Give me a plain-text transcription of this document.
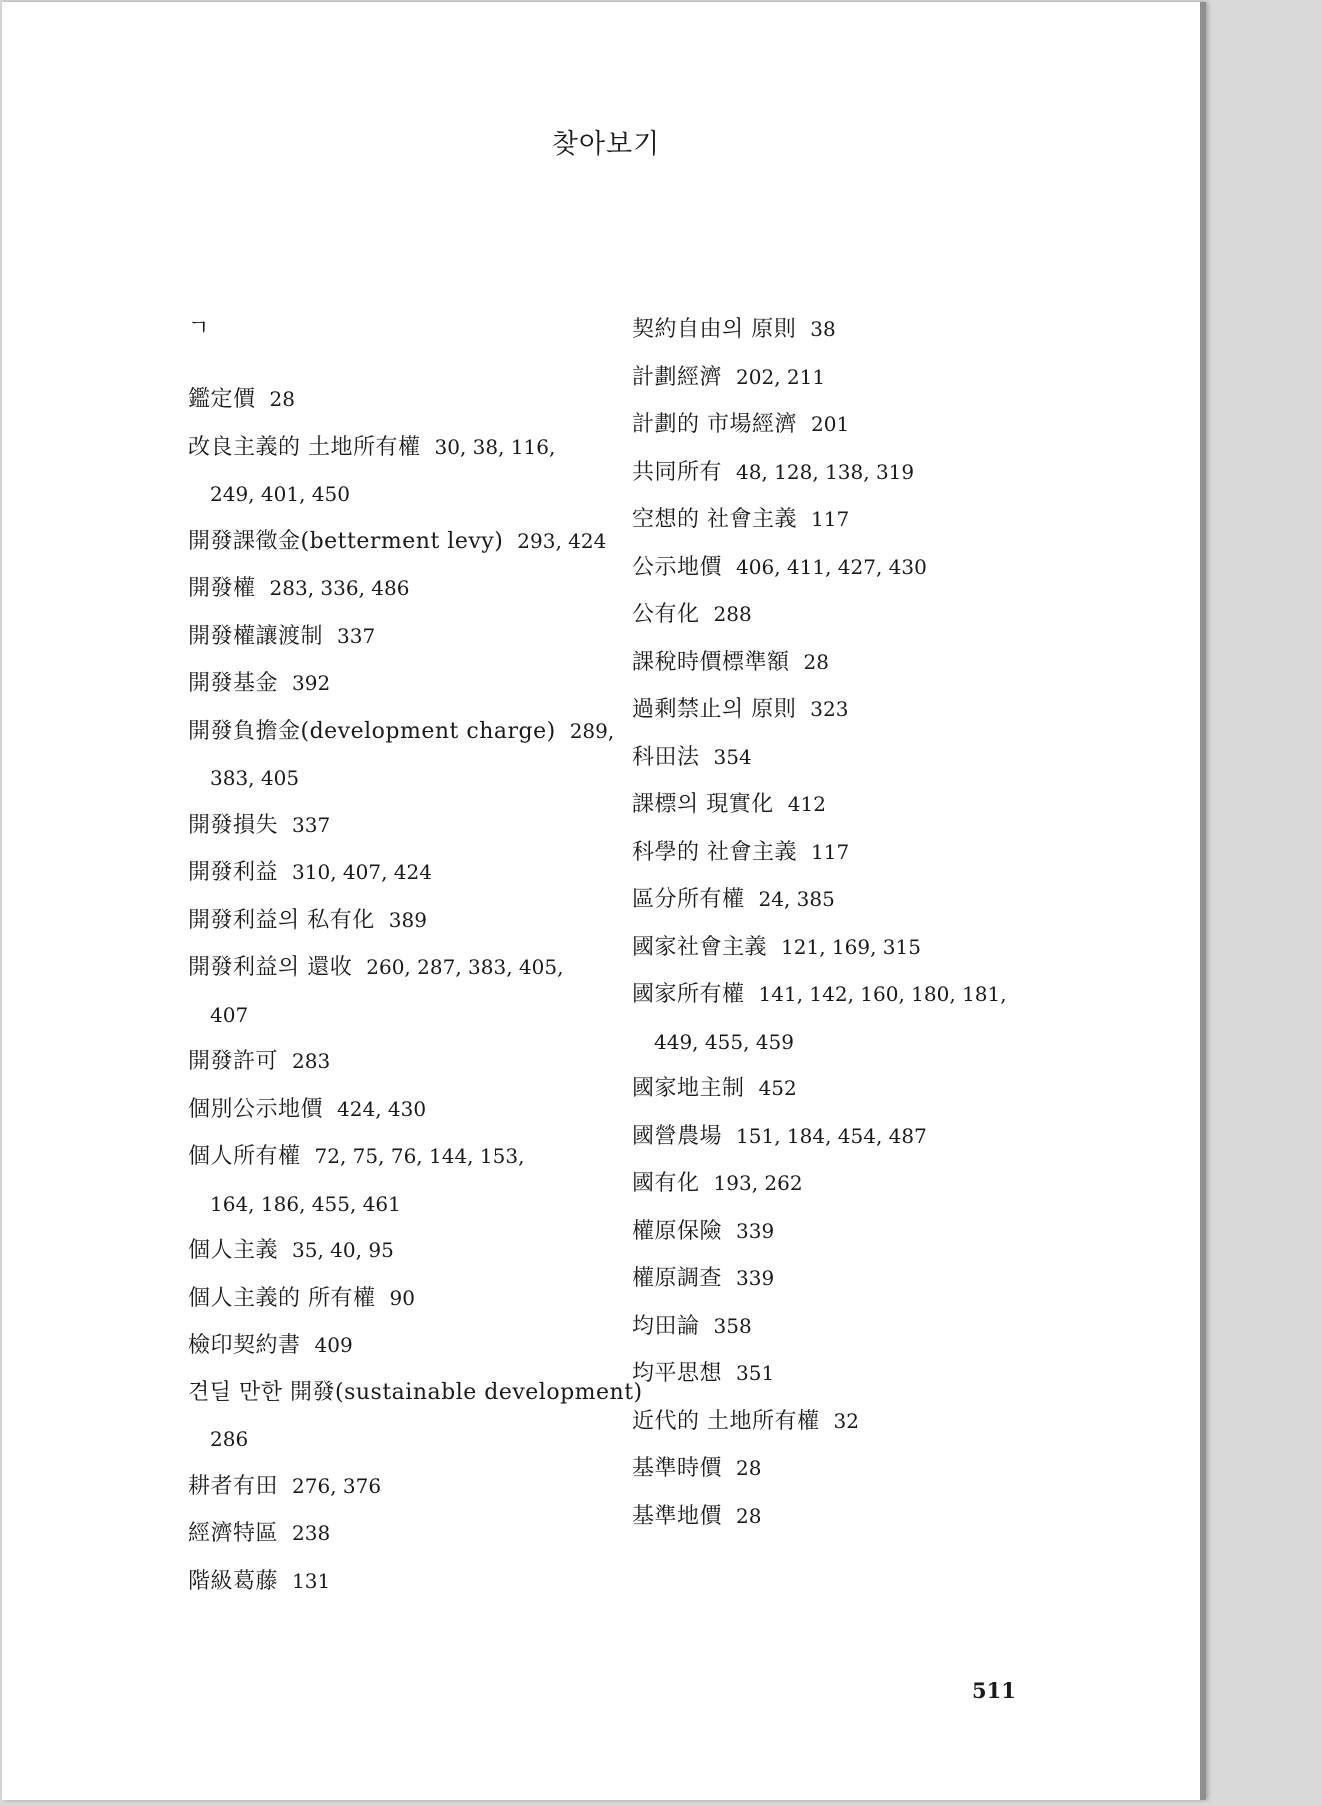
찾아보기
ㄱ
鑑定價 28
改良主義的 土地所有權 30, 38, 116,
249, 401, 450
開發課徵金(betterment levy) 293, 424
開發權 283, 336, 486
開發權讓渡制 337
開發基金 392
開發負擔金(development charge) 289,
383, 405
開發損失 337
開發利益 310, 407, 424
開發利益의 私有化 389
開發利益의 還收 260, 287, 383, 405,
407
開發許可 283
個別公示地價 424, 430
個人所有權 72, 75, 76, 144, 153,
164, 186, 455, 461
個人主義 35, 40, 95
個人主義的 所有權 90
檢印契約書 409
견딜 만한 開發(sustainable development)
286
耕者有田 276, 376
經濟特區 238
階級葛藤 131
契約自由의 原則 38
計劃經濟 202, 211
計劃的 市場經濟 201
共同所有 48, 128, 138, 319
空想的 社會主義 117
公示地價 406, 411, 427, 430
公有化 288
課稅時價標準額 28
過剩禁止의 原則 323
科田法 354
課標의 現實化 412
科學的 社會主義 117
區分所有權 24, 385
國家社會主義 121, 169, 315
國家所有權 141, 142, 160, 180, 181,
449, 455, 459
國家地主制 452
國營農場 151, 184, 454, 487
國有化 193, 262
權原保險 339
權原調查 339
均田論 358
均平思想 351
近代的 土地所有權 32
基準時價 28
基準地價 28
511
